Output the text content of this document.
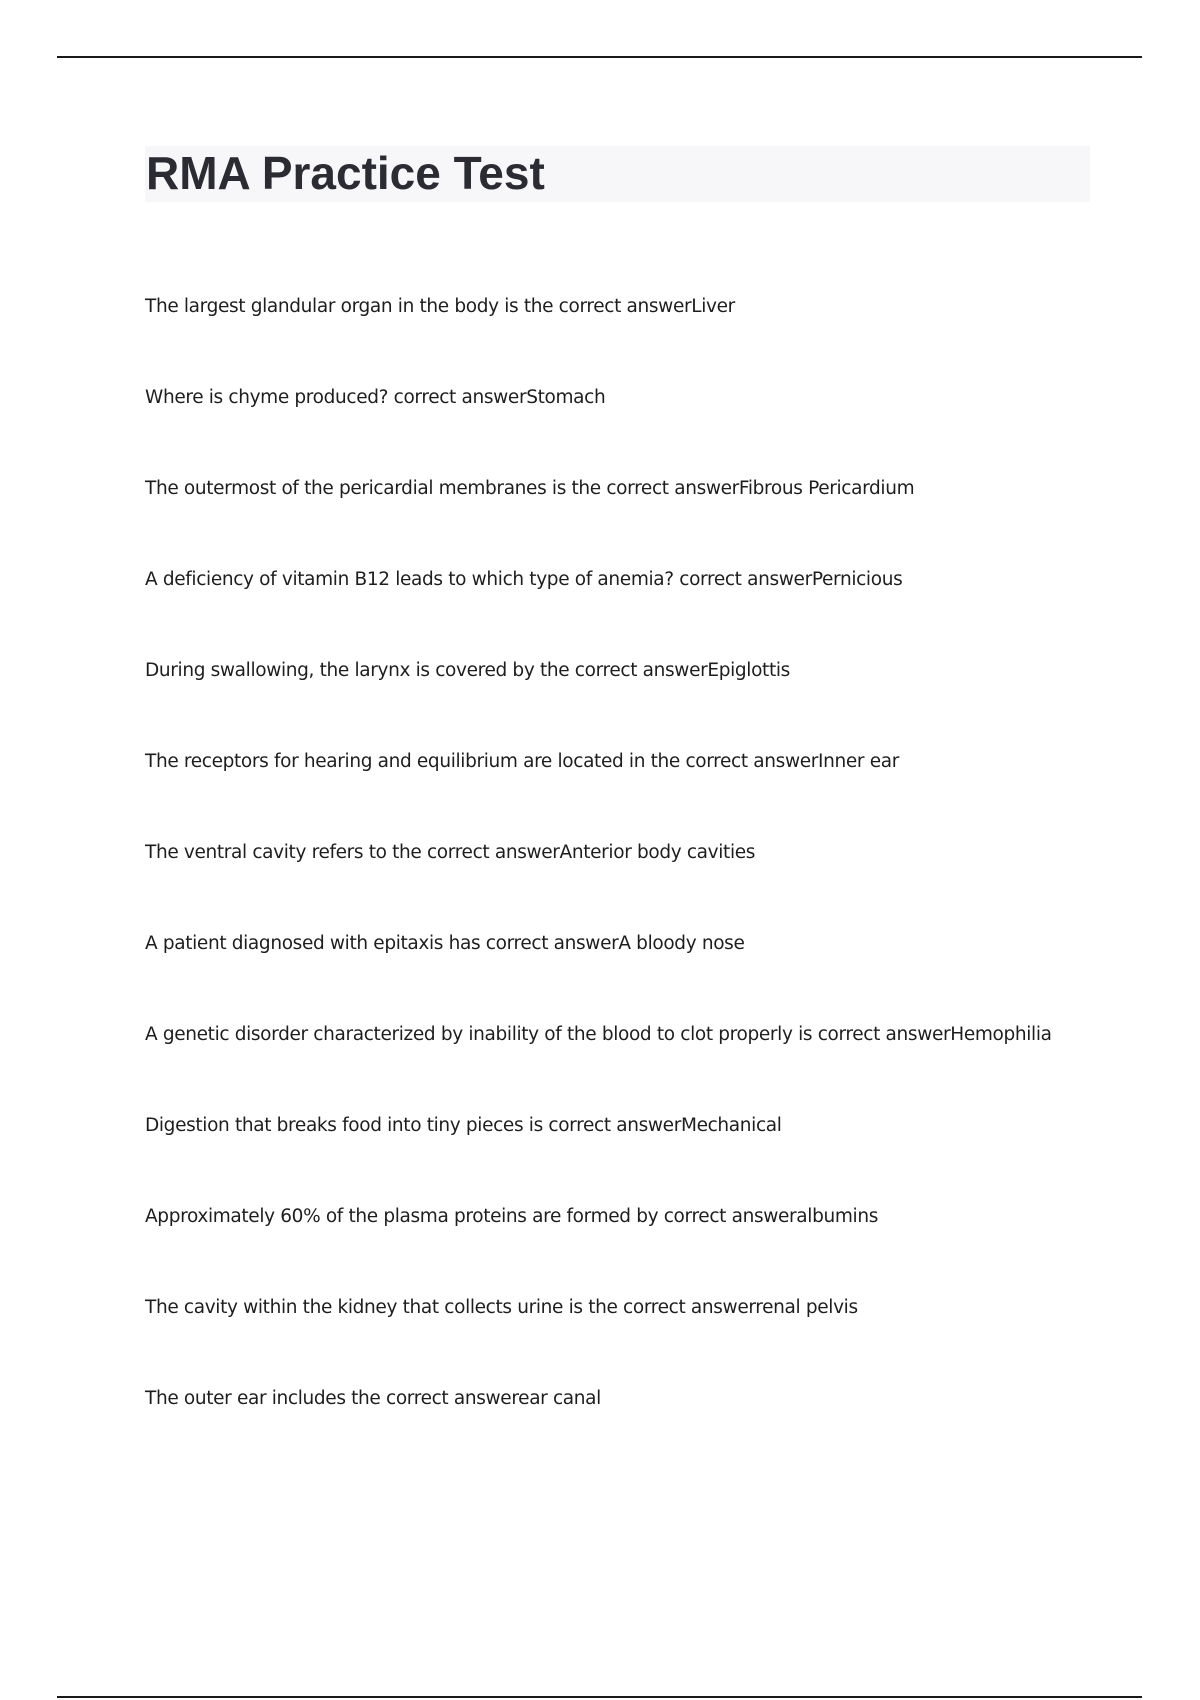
RMA Practice Test
The largest glandular organ in the body is the correct answerLiver
Where is chyme produced? correct answerStomach
The outermost of the pericardial membranes is the correct answerFibrous Pericardium
A deficiency of vitamin B12 leads to which type of anemia? correct answerPernicious
During swallowing, the larynx is covered by the correct answerEpiglottis
The receptors for hearing and equilibrium are located in the correct answerInner ear
The ventral cavity refers to the correct answerAnterior body cavities
A patient diagnosed with epitaxis has correct answerA bloody nose
A genetic disorder characterized by inability of the blood to clot properly is correct answerHemophilia
Digestion that breaks food into tiny pieces is correct answerMechanical
Approximately 60% of the plasma proteins are formed by correct answeralbumins
The cavity within the kidney that collects urine is the correct answerrenal pelvis
The outer ear includes the correct answerear canal
